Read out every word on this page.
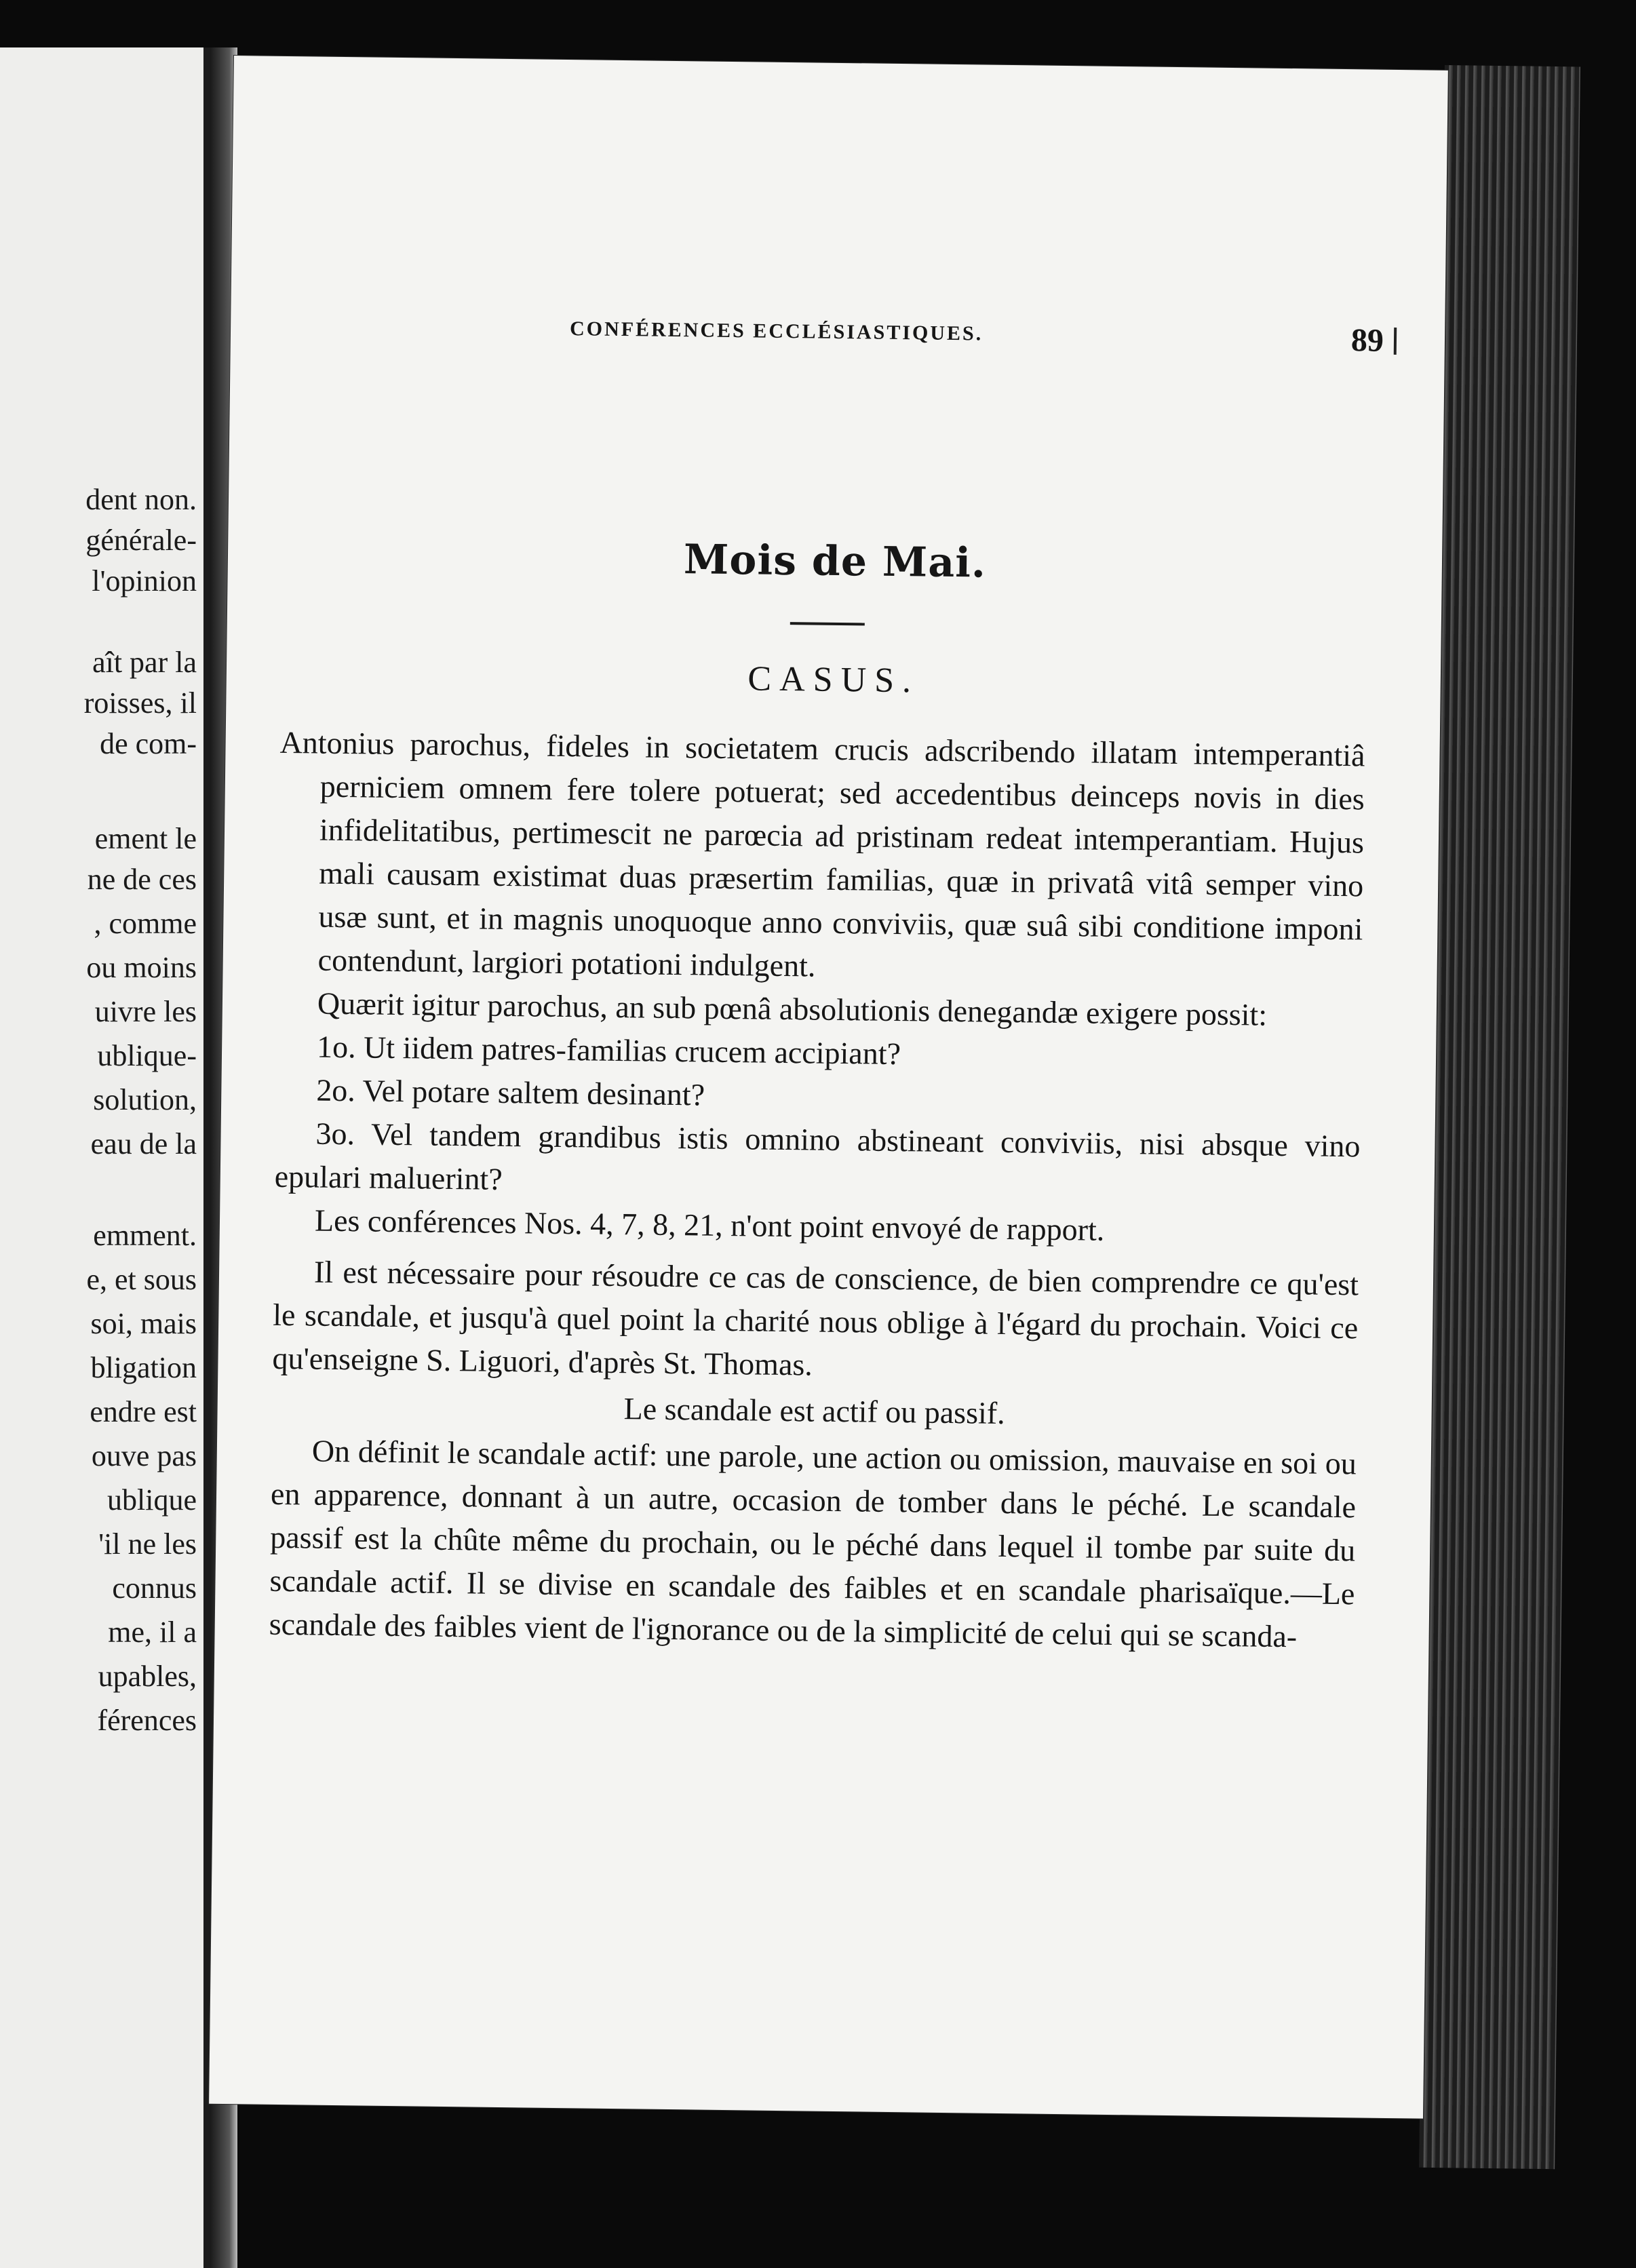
dent non.
générale-
l'opinion
aît par la
roisses, il
de com-
ement le
ne de ces
, comme
ou moins
uivre les
ublique-
solution,
eau de la
emment.
e, et sous
soi, mais
bligation
endre est
ouve pas
ublique
'il ne les
connus
me, il a
upables,
férences
CONFÉRENCES ECCLÉSIASTIQUES.	89
Mois de Mai.
CASUS.

Antonius parochus, fideles in societatem crucis adscribendo illatam intemperantiâ perniciem omnem fere tolere potuerat; sed accedentibus deinceps novis in dies infidelitatibus, pertimescit ne parœcia ad pristinam redeat intemperantiam. Hujus mali causam existimat duas præsertim familias, quæ in privatâ vitâ semper vino usæ sunt, et in magnis unoquoque anno conviviis, quæ suâ sibi conditione imponi contendunt, largiori potationi indulgent.

Quærit igitur parochus, an sub pœnâ absolutionis denegandæ exigere possit:

1o. Ut iidem patres-familias crucem accipiant?

2o. Vel potare saltem desinant?

3o. Vel tandem grandibus istis omnino abstineant conviviis, nisi absque vino epulari maluerint?

Les conférences Nos. 4, 7, 8, 21, n'ont point envoyé de rapport.

Il est nécessaire pour résoudre ce cas de conscience, de bien comprendre ce qu'est le scandale, et jusqu'à quel point la charité nous oblige à l'égard du prochain. Voici ce qu'enseigne S. Liguori, d'après St. Thomas.

Le scandale est actif ou passif.

On définit le scandale actif: une parole, une action ou omission, mauvaise en soi ou en apparence, donnant à un autre, occasion de tomber dans le péché. Le scandale passif est la chûte même du prochain, ou le péché dans lequel il tombe par suite du scandale actif. Il se divise en scandale des faibles et en scandale pharisaïque.—Le scandale des faibles vient de l'ignorance ou de la simplicité de celui qui se scanda-
